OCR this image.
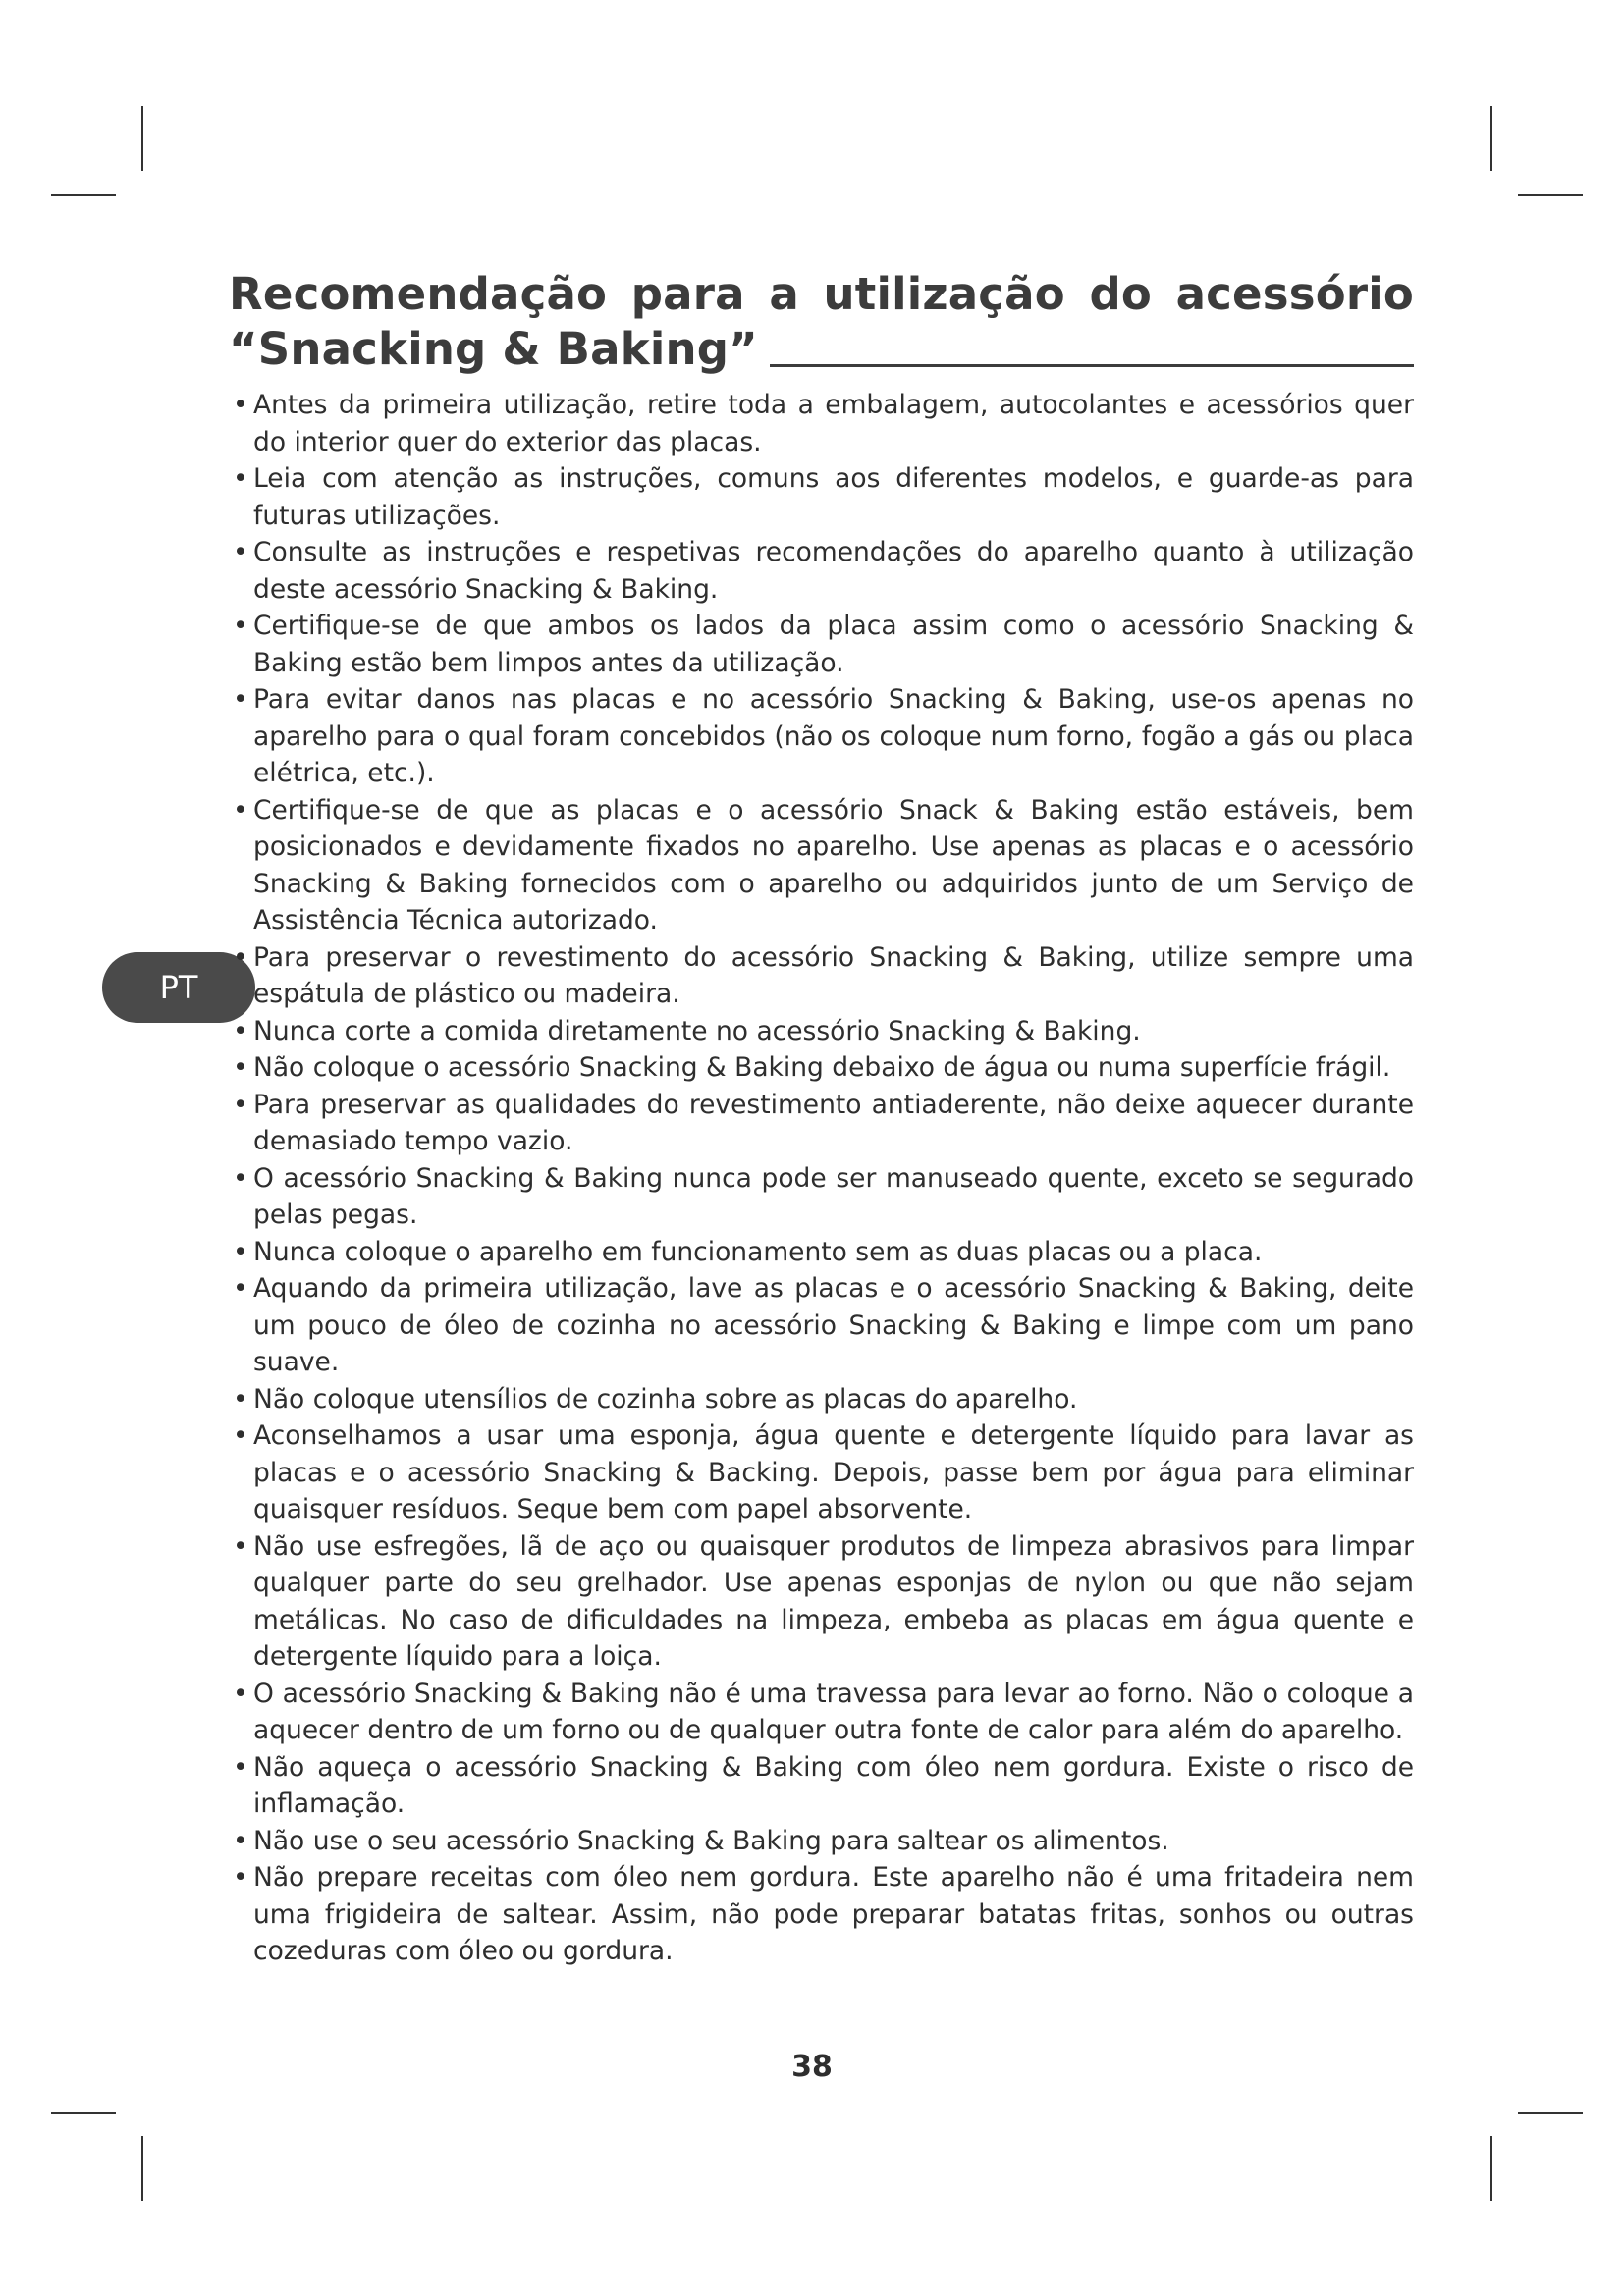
PT
Recomendação para a utilização do acessório
“Snacking & Baking”
• Antes da primeira utilização, retire toda a embalagem, autocolantes e acessórios quer do interior quer do exterior das placas.
• Leia com atenção as instruções, comuns aos diferentes modelos, e guarde-as para futuras utilizações.
• Consulte as instruções e respetivas recomendações do aparelho quanto à utilização deste acessório Snacking & Baking.
• Certifique-se de que ambos os lados da placa assim como o acessório Snacking & Baking estão bem limpos antes da utilização.
• Para evitar danos nas placas e no acessório Snacking & Baking, use-os apenas no aparelho para o qual foram concebidos (não os coloque num forno, fogão a gás ou placa elétrica, etc.).
• Certifique-se de que as placas e o acessório Snack & Baking estão estáveis, bem posicionados e devidamente fixados no aparelho. Use apenas as placas e o acessório Snacking & Baking fornecidos com o aparelho ou adquiridos junto de um Serviço de Assistência Técnica autorizado.
• Para preservar o revestimento do acessório Snacking & Baking, utilize sempre uma espátula de plástico ou madeira.
• Nunca corte a comida diretamente no acessório Snacking & Baking.
• Não coloque o acessório Snacking & Baking debaixo de água ou numa superfície frágil.
• Para preservar as qualidades do revestimento antiaderente, não deixe aquecer durante demasiado tempo vazio.
• O acessório Snacking & Baking nunca pode ser manuseado quente, exceto se segurado pelas pegas.
• Nunca coloque o aparelho em funcionamento sem as duas placas ou a placa.
• Aquando da primeira utilização, lave as placas e o acessório Snacking & Baking, deite um pouco de óleo de cozinha no acessório Snacking & Baking e limpe com um pano suave.
• Não coloque utensílios de cozinha sobre as placas do aparelho.
• Aconselhamos a usar uma esponja, água quente e detergente líquido para lavar as placas e o acessório Snacking & Backing. Depois, passe bem por água para eliminar quaisquer resíduos. Seque bem com papel absorvente.
• Não use esfregões, lã de aço ou quaisquer produtos de limpeza abrasivos para limpar qualquer parte do seu grelhador. Use apenas esponjas de nylon ou que não sejam metálicas. No caso de dificuldades na limpeza, embeba as placas em água quente e detergente líquido para a loiça.
• O acessório Snacking & Baking não é uma travessa para levar ao forno. Não o coloque a aquecer dentro de um forno ou de qualquer outra fonte de calor para além do aparelho.
• Não aqueça o acessório Snacking & Baking com óleo nem gordura. Existe o risco de inflamação.
• Não use o seu acessório Snacking & Baking para saltear os alimentos.
• Não prepare receitas com óleo nem gordura. Este aparelho não é uma fritadeira nem uma frigideira de saltear. Assim, não pode preparar batatas fritas, sonhos ou outras cozeduras com óleo ou gordura.
38
